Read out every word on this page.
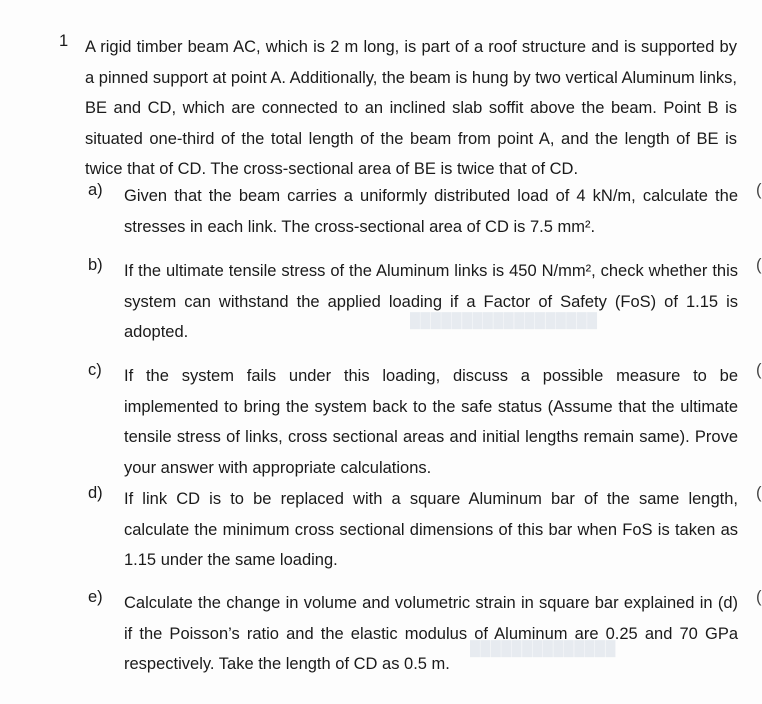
██████████████████
██████████████
1 A rigid timber beam AC, which is 2 m long, is part of a roof structure and is supported by a pinned support at point A. Additionally, the beam is hung by two vertical Aluminum links, BE and CD, which are connected to an inclined slab soffit above the beam. Point B is situated one-third of the total length of the beam from point A, and the length of BE is twice that of CD. The cross-sectional area of BE is twice that of CD.

a)	Given that the beam carries a uniformly distributed load of 4 kN/m, calculate the stresses in each link. The cross-sectional area of CD is 7.5 mm².
(
b)	If the ultimate tensile stress of the Aluminum links is 450 N/mm², check whether this system can withstand the applied loading if a Factor of Safety (FoS) of 1.15 is adopted.
(
c)	If the system fails under this loading, discuss a possible measure to be implemented to bring the system back to the safe status (Assume that the ultimate tensile stress of links, cross sectional areas and initial lengths remain same). Prove your answer with appropriate calculations.
(
d)	If link CD is to be replaced with a square Aluminum bar of the same length, calculate the minimum cross sectional dimensions of this bar when FoS is taken as 1.15 under the same loading.
(
e)	Calculate the change in volume and volumetric strain in square bar explained in (d) if the Poisson’s ratio and the elastic modulus of Aluminum are 0.25 and 70 GPa respectively. Take the length of CD as 0.5 m.
(
